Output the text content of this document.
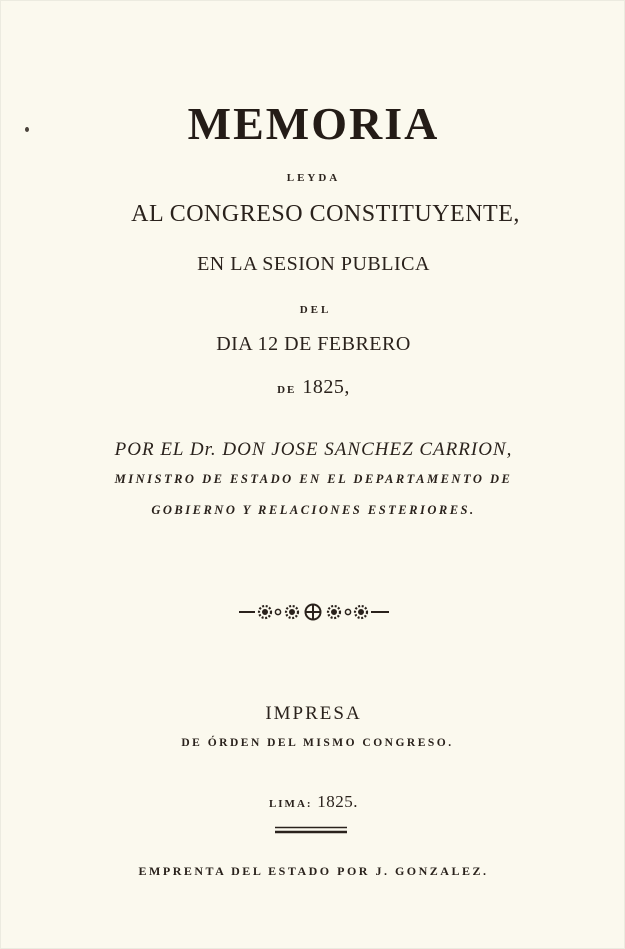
MEMORIA
LEYDA
AL CONGRESO CONSTITUYENTE,
EN LA SESION PUBLICA
DEL
DIA 12 DE FEBRERO
DE 1825,
POR EL Dr. DON JOSE SANCHEZ CARRION,
MINISTRO DE ESTADO EN EL DEPARTAMENTO DE
GOBIERNO Y RELACIONES ESTERIORES.
IMPRESA
DE ÓRDEN DEL MISMO CONGRESO.
LIMA: 1825.
EMPRENTA DEL ESTADO POR J. GONZALEZ.
